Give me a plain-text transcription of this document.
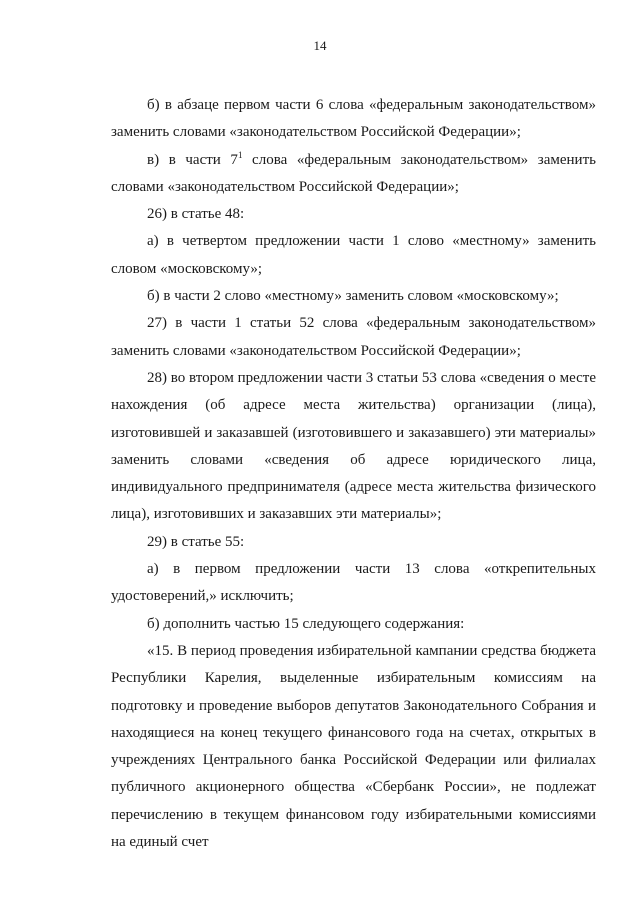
14

б) в абзаце первом части 6 слова «федеральным законодательством» заменить словами «законодательством Российской Федерации»;

в) в части $7^1$ слова «федеральным законодательством» заменить словами «законодательством Российской Федерации»;

26) в статье 48:

а) в четвертом предложении части 1 слово «местному» заменить словом «московскому»;

б) в части 2 слово «местному» заменить словом «московскому»;

27) в части 1 статьи 52 слова «федеральным законодательством» заменить словами «законодательством Российской Федерации»;

28) во втором предложении части 3 статьи 53 слова «сведения о месте нахождения (об адресе места жительства) организации (лица), изготовившей и заказавшей (изготовившего и заказавшего) эти материалы» заменить словами «сведения об адресе юридического лица, индивидуального предпринимателя (адресе места жительства физического лица), изготовивших и заказавших эти материалы»;

29) в статье 55:

а) в первом предложении части 13 слова «открепительных удостоверений,» исключить;

б) дополнить частью 15 следующего содержания:

«15. В период проведения избирательной кампании средства бюджета Республики Карелия, выделенные избирательным комиссиям на подготовку и проведение выборов депутатов Законодательного Собрания и находящиеся на конец текущего финансового года на счетах, открытых в учреждениях Центрального банка Российской Федерации или филиалах публичного акционерного общества «Сбербанк России», не подлежат перечислению в текущем финансовом году избирательными комиссиями на единый счет
